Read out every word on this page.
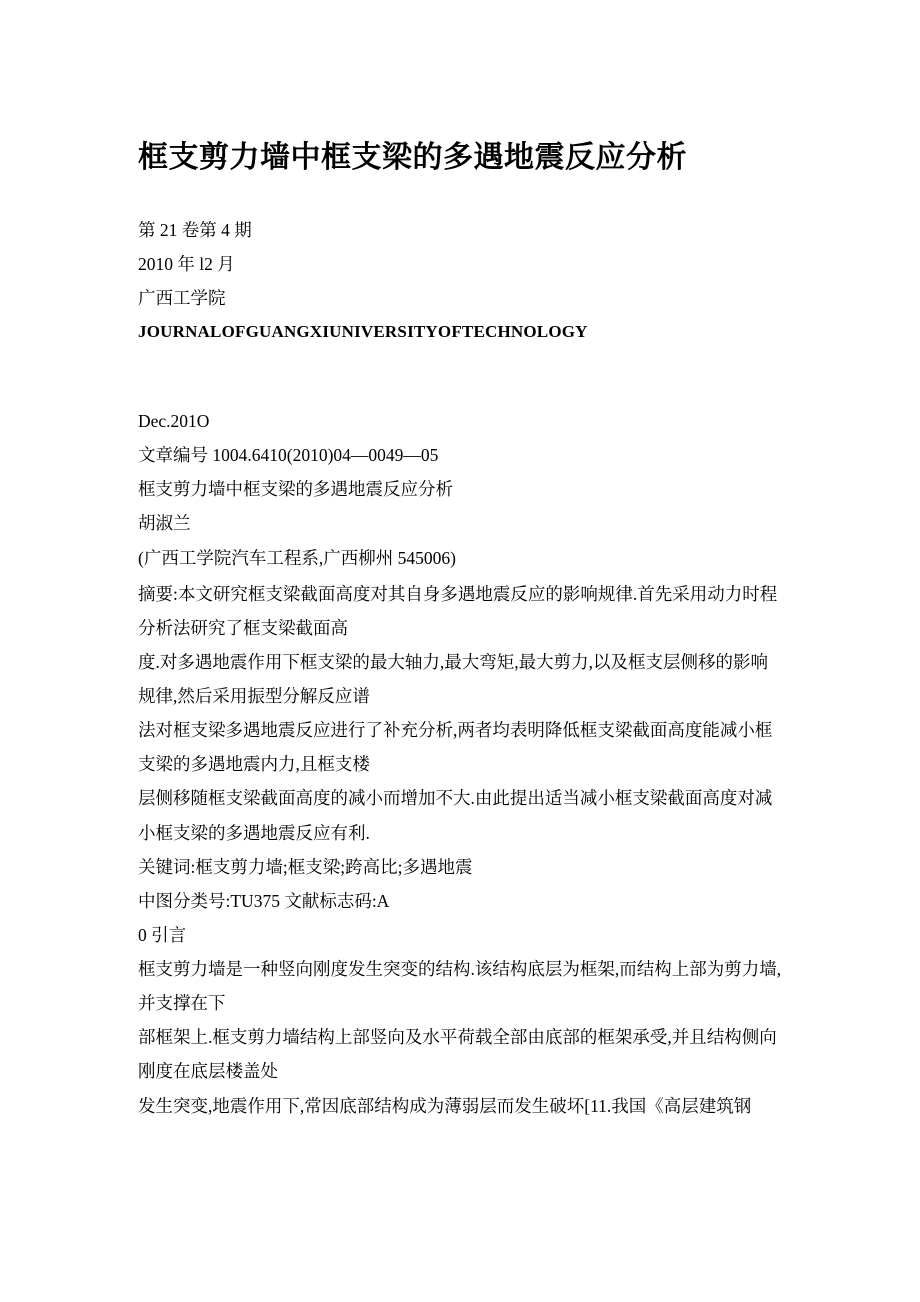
框支剪力墙中框支梁的多遇地震反应分析
第 21 卷第 4 期
2010 年 l2 月
广西工学院
JOURNALOFGUANGXIUNIVERSITYOFTECHNOLOGY
Dec.201O
文章编号 1004.6410(2010)04—0049—05
框支剪力墙中框支梁的多遇地震反应分析
胡淑兰
(广西工学院汽车工程系,广西柳州 545006)
摘要:本文研究框支梁截面高度对其自身多遇地震反应的影响规律.首先采用动力时程分析法研究了框支梁截面高
度.对多遇地震作用下框支梁的最大轴力,最大弯矩,最大剪力,以及框支层侧移的影响规律,然后采用振型分解反应谱
法对框支梁多遇地震反应进行了补充分析,两者均表明降低框支梁截面高度能减小框支梁的多遇地震内力,且框支楼
层侧移随框支梁截面高度的减小而增加不大.由此提出适当减小框支梁截面高度对减小框支梁的多遇地震反应有利.
关键词:框支剪力墙;框支梁;跨高比;多遇地震
中图分类号:TU375 文献标志码:A
0 引言
框支剪力墙是一种竖向刚度发生突变的结构.该结构底层为框架,而结构上部为剪力墙,并支撑在下
部框架上.框支剪力墙结构上部竖向及水平荷载全部由底部的框架承受,并且结构侧向刚度在底层楼盖处
发生突变,地震作用下,常因底部结构成为薄弱层而发生破坏[11.我国《高层建筑钢
